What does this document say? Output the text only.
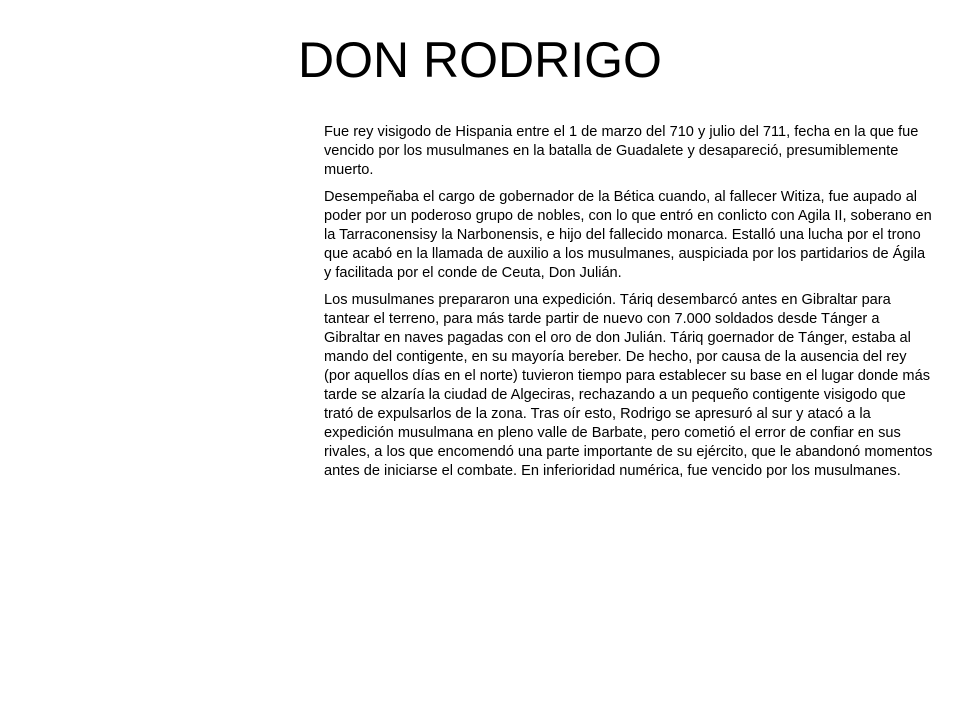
DON RODRIGO

Fue rey visigodo de Hispania entre el 1 de marzo del 710 y julio del 711, fecha en la que fue vencido por los musulmanes en la batalla de Guadalete y desapareció, presumiblemente muerto.

Desempeñaba el cargo de gobernador de la Bética cuando, al fallecer Witiza, fue aupado al poder por un poderoso grupo de nobles, con lo que entró en conlicto con Agila II, soberano en la Tarraconensisy la Narbonensis, e hijo del fallecido monarca. Estalló una lucha por el trono que acabó en la llamada de auxilio a los musulmanes, auspiciada por los partidarios de Ágila y facilitada por el conde de Ceuta, Don Julián.

Los musulmanes prepararon una expedición. Táriq desembarcó antes en Gibraltar para tantear el terreno, para más tarde partir de nuevo con 7.000 soldados desde Tánger a Gibraltar en naves pagadas con el oro de don Julián. Táriq goernador de Tánger, estaba al mando del contigente, en su mayoría bereber. De hecho, por causa de la ausencia del rey (por aquellos días en el norte) tuvieron tiempo para establecer su base en el lugar donde más tarde se alzaría la ciudad de Algeciras, rechazando a un pequeño contigente visigodo que trató de expulsarlos de la zona. Tras oír esto, Rodrigo se apresuró al sur y atacó a la expedición musulmana en pleno valle de Barbate, pero cometió el error de confiar en sus rivales, a los que encomendó una parte importante de su ejército, que le abandonó momentos antes de iniciarse el combate. En inferioridad numérica, fue vencido por los musulmanes.
